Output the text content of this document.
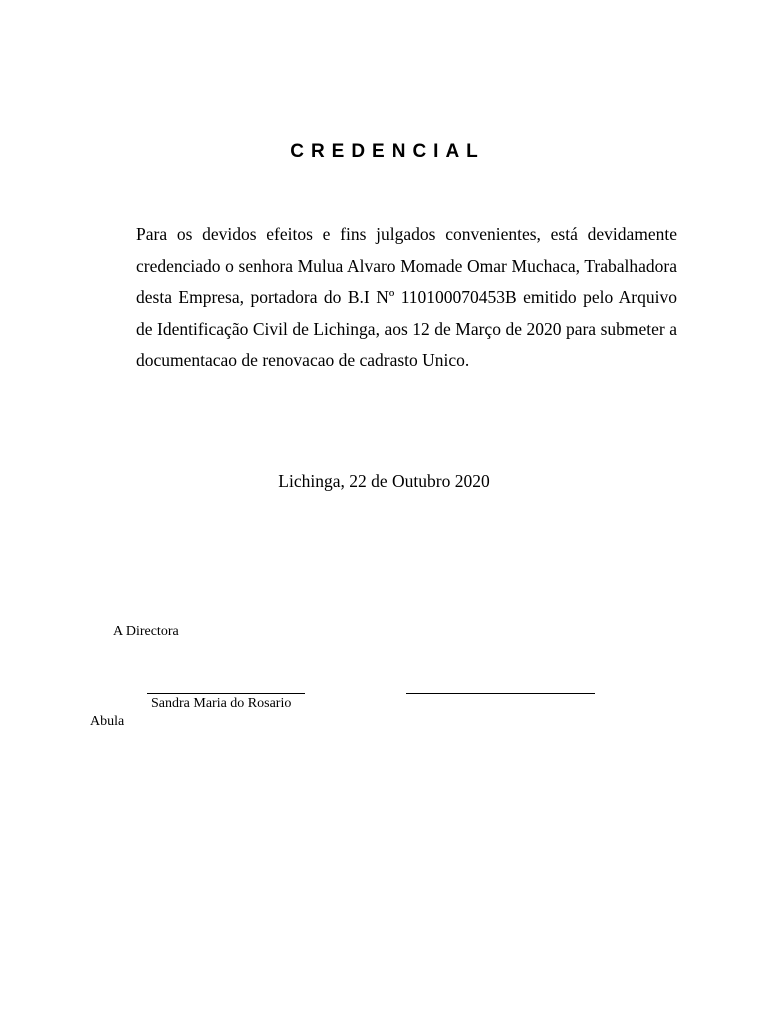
CREDENCIAL

Para os devidos efeitos e fins julgados convenientes, está devidamente credenciado o senhora Mulua Alvaro Momade Omar Muchaca, Trabalhadora desta Empresa, portadora do B.I Nº 110100070453B emitido pelo Arquivo de Identificação Civil de Lichinga, aos 12 de Março de 2020 para submeter a documentacao de renovacao de cadrasto Unico.

Lichinga, 22 de Outubro 2020
A Directora
Sandra Maria do Rosario
Abula
